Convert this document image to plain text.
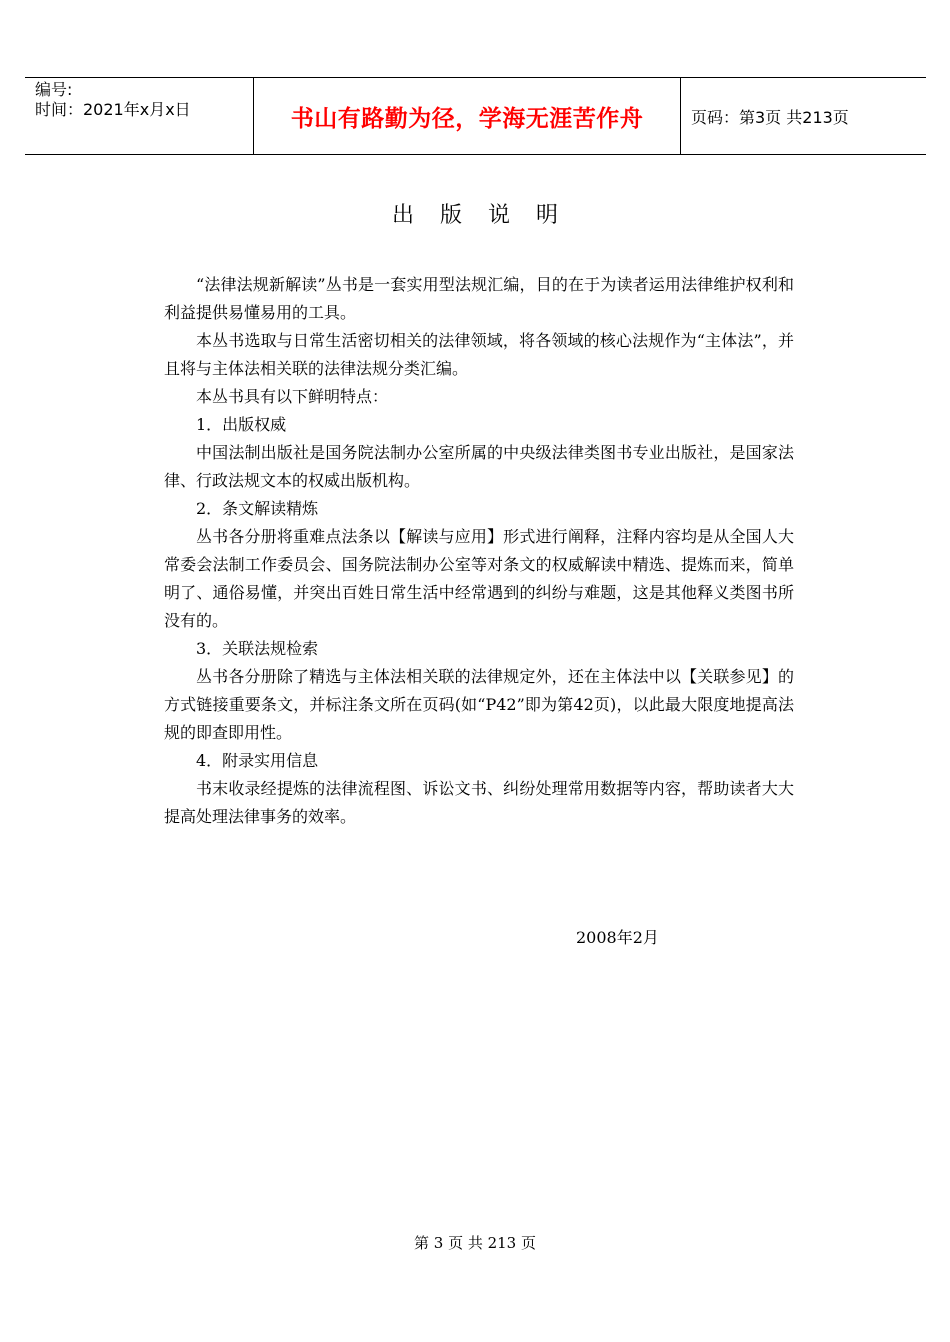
编号:
时间：2021年x月x日	书山有路勤为径，学海无涯苦作舟	页码：第3页 共213页
出版说明

“法律法规新解读”丛书是一套实用型法规汇编，目的在于为读者运用法律维护权利和利益提供易懂易用的工具。

本丛书选取与日常生活密切相关的法律领域，将各领域的核心法规作为“主体法”，并且将与主体法相关联的法律法规分类汇编。

本丛书具有以下鲜明特点：

1．出版权威

中国法制出版社是国务院法制办公室所属的中央级法律类图书专业出版社，是国家法律、行政法规文本的权威出版机构。

2．条文解读精炼

丛书各分册将重难点法条以【解读与应用】形式进行阐释，注释内容均是从全国人大常委会法制工作委员会、国务院法制办公室等对条文的权威解读中精选、提炼而来，简单明了、通俗易懂，并突出百姓日常生活中经常遇到的纠纷与难题，这是其他释义类图书所没有的。

3．关联法规检索

丛书各分册除了精选与主体法相关联的法律规定外，还在主体法中以【关联参见】的方式链接重要条文，并标注条文所在页码(如“P42”即为第42页)，以此最大限度地提高法规的即查即用性。

4．附录实用信息

书末收录经提炼的法律流程图、诉讼文书、纠纷处理常用数据等内容，帮助读者大大提高处理法律事务的效率。

2008年2月
第 3 页 共 213 页
